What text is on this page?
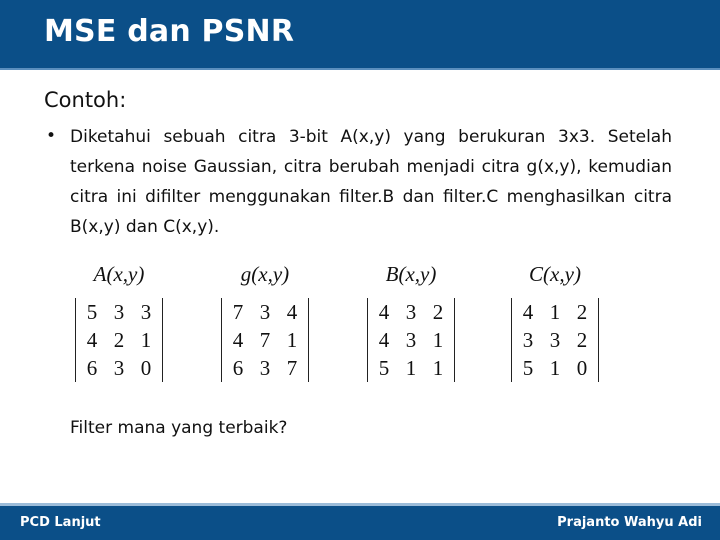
MSE dan PSNR
Contoh:
• Diketahui sebuah citra 3-bit A(x,y) yang berukuran 3x3. Setelah terkena noise Gaussian, citra berubah menjadi citra g(x,y), kemudian citra ini difilter menggunakan filter.B dan filter.C menghasilkan citra B(x,y) dan C(x,y).
A(x,y)
5 3 3
4 2 1
6 3 0
g(x,y)
7 3 4
4 7 1
6 3 7
B(x,y)
4 3 2
4 3 1
5 1 1
C(x,y)
4 1 2
3 3 2
5 1 0
Filter mana yang terbaik?
PCD Lanjut	Prajanto Wahyu Adi
